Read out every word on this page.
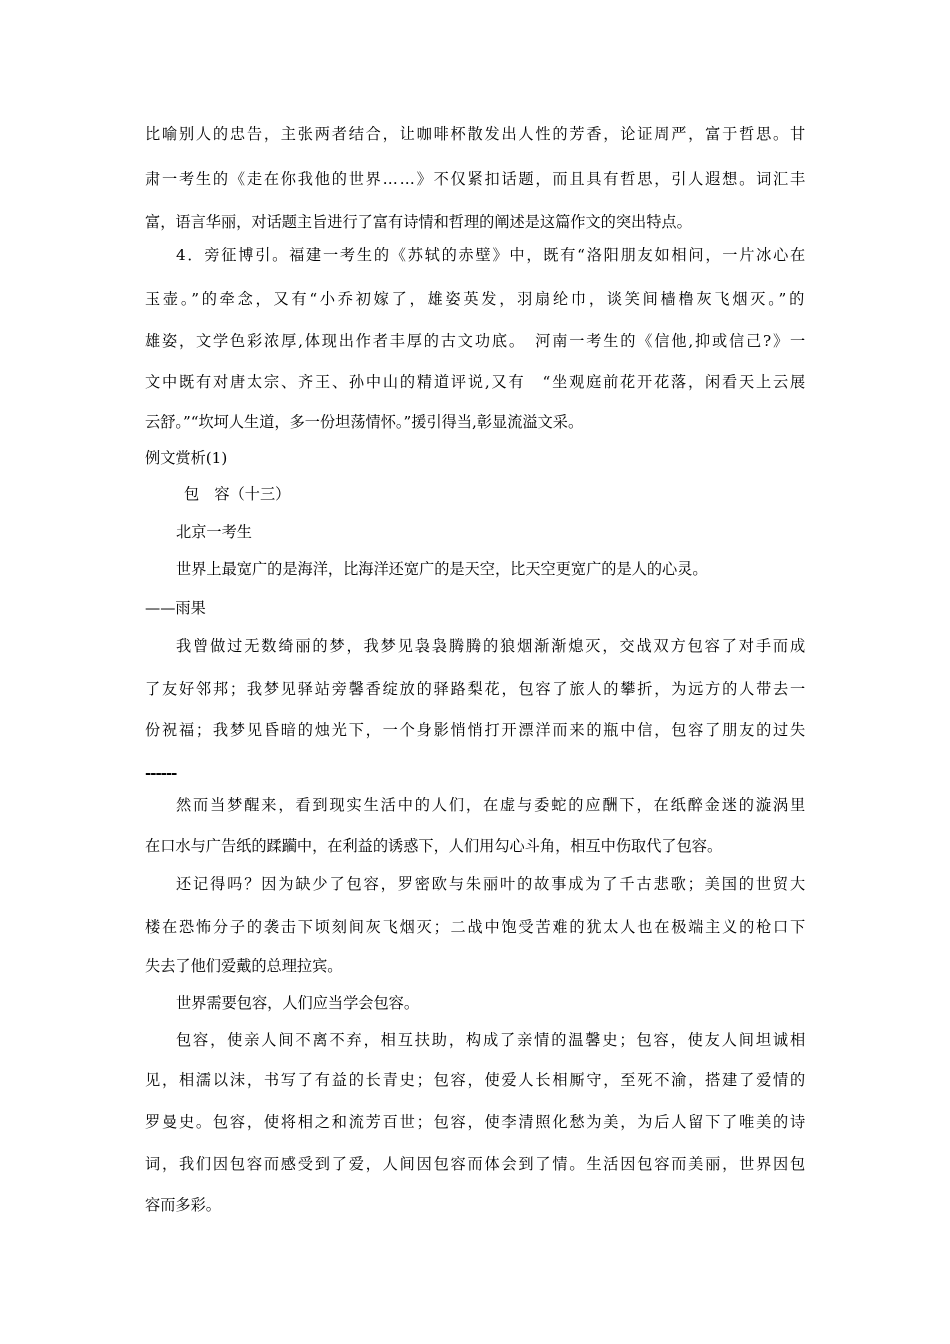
比喻别人的忠告，主张两者结合，让咖啡杯散发出人性的芳香，论证周严，富于哲思。甘
肃一考生的《走在你我他的世界……》不仅紧扣话题，而且具有哲思，引人遐想。词汇丰
富，语言华丽，对话题主旨进行了富有诗情和哲理的阐述是这篇作文的突出特点。
4．旁征博引。福建一考生的《苏轼的赤壁》中，既有“洛阳朋友如相问，一片冰心在
玉壶。”的牵念，又有“小乔初嫁了，雄姿英发，羽扇纶巾，谈笑间樯橹灰飞烟灭。”的
雄姿，文学色彩浓厚,体现出作者丰厚的古文功底。　河南一考生的《信他,抑或信己?》一
文中既有对唐太宗、齐王、孙中山的精道评说,又有　“坐观庭前花开花落，闲看天上云展
云舒。”“坎坷人生道，多一份坦荡情怀。”援引得当,彰显流溢文采。
例文赏析(1)
包　容（十三）
北京一考生
世界上最宽广的是海洋，比海洋还宽广的是天空，比天空更宽广的是人的心灵。
——雨果
我曾做过无数绮丽的梦，我梦见袅袅腾腾的狼烟渐渐熄灭，交战双方包容了对手而成
了友好邻邦；我梦见驿站旁馨香绽放的驿路梨花，包容了旅人的攀折，为远方的人带去一
份祝福；我梦见昏暗的烛光下，一个身影悄悄打开漂洋而来的瓶中信，包容了朋友的过失
------
然而当梦醒来，看到现实生活中的人们，在虚与委蛇的应酬下，在纸醉金迷的漩涡里
在口水与广告纸的蹂躏中，在利益的诱惑下，人们用勾心斗角，相互中伤取代了包容。
还记得吗？因为缺少了包容，罗密欧与朱丽叶的故事成为了千古悲歌；美国的世贸大
楼在恐怖分子的袭击下顷刻间灰飞烟灭；二战中饱受苦难的犹太人也在极端主义的枪口下
失去了他们爱戴的总理拉宾。
世界需要包容，人们应当学会包容。
包容，使亲人间不离不弃，相互扶助，构成了亲情的温馨史；包容，使友人间坦诚相
见，相濡以沫，书写了有益的长青史；包容，使爱人长相厮守，至死不渝，搭建了爱情的
罗曼史。包容，使将相之和流芳百世；包容，使李清照化愁为美，为后人留下了唯美的诗
词，我们因包容而感受到了爱，人间因包容而体会到了情。生活因包容而美丽，世界因包
容而多彩。
